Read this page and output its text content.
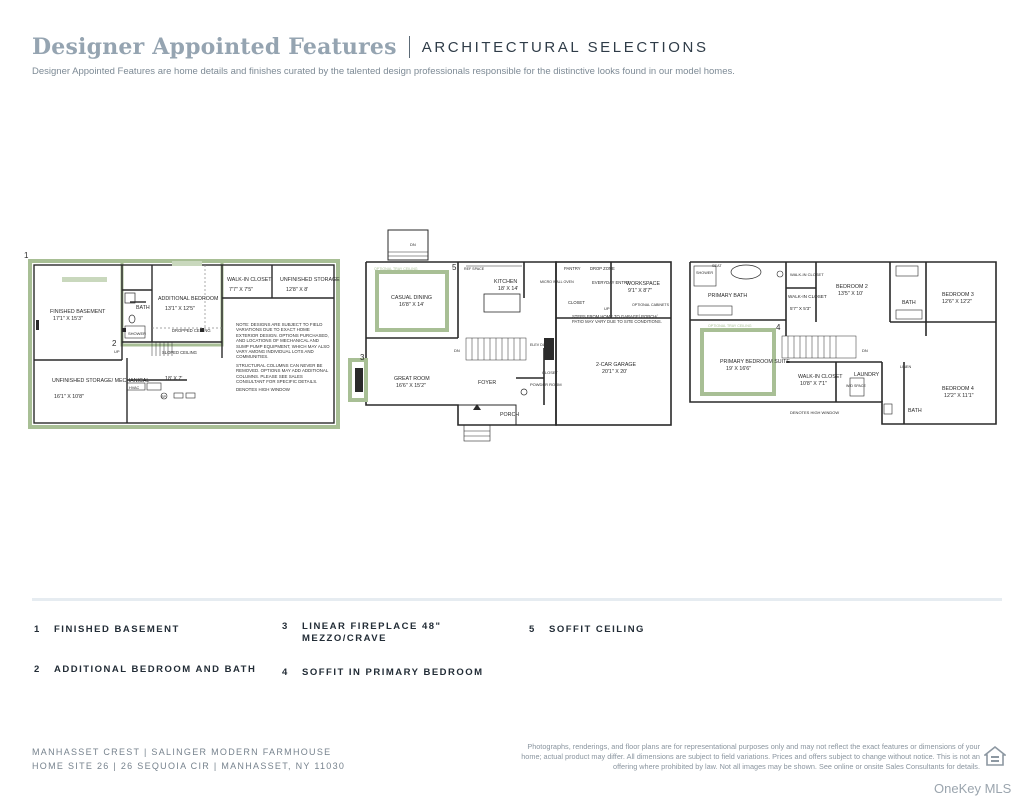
Designer Appointed Features ARCHITECTURAL SELECTIONS
Designer Appointed Features are home details and finishes curated by the talented design professionals responsible for the distinctive looks found in our model homes.
1
2
FINISHED BASEMENT
17'1" X 15'3"
BATH
SHOWER
ADDITIONAL BEDROOM
13'1" X 12'5"
DROPPED CEILING
SLOPED CEILING
WALK-IN CLOSET
7'7" X 7'5"
UNFINISHED STORAGE
12'8" X 8'
UNFINISHED STORAGE/ MECHANICAL
16'1" X 10'8"
HVAC
SP
18' X 7'
UP
NOTE: DESIGNS ARE SUBJECT TO FIELD VARIATIONS DUE TO EXACT HOME EXTERIOR DESIGN. OPTIONS PURCHASED, AND LOCATIONS OF MECHANICAL AND SUMP PUMP EQUIPMENT, WHICH MAY ALSO VARY AMONG INDIVIDUAL LOTS AND COMMUNITIES.
STRUCTURAL COLUMNS CAN NEVER BE REMOVED. OPTIONS MAY ADD ADDITIONAL COLUMNS. PLEASE SEE SALES CONSULTANT FOR SPECIFIC DETAILS.
DENOTES HIGH WINDOW
DN
3
5
OPTIONAL TRAY CEILING
CASUAL DINING
16'8" X 14'
REF SPACE
KITCHEN
18' X 14'
MICRO WALL OVEN
PANTRY DROP ZONE
EVERYDAY ENTRY
WORKSPACE
9'1" X 8'7"
OPTIONAL CABINETS
CLOSET
UP
STEPS FROM HOME TO GARAGE/ PORCH/ PATIO MAY VARY DUE TO SITE CONDITIONS.
GREAT ROOM
16'6" X 15'2"	FOYER
2-CAR GARAGE
20'1" X 20'
POWDER ROOM
CLOSET
PORCH
ELEV DUCT
DN
4
SEAT
SHOWER
PRIMARY BATH
WALK-IN CLOSET
WALK-IN CLOSET
5'7" X 5'3"
BEDROOM 2
13'5" X 10'
BATH
BEDROOM 3
12'6" X 12'2"
OPTIONAL TRAY CEILING
PRIMARY BEDROOM SUITE
19' X 16'6"
DN
WALK-IN CLOSET
10'8" X 7'1"
LAUNDRY
W/D SPACE
LINEN
BEDROOM 4
12'2" X 11'1"
BATH
DENOTES HIGH WINDOW
1	FINISHED BASEMENT
2	ADDITIONAL BEDROOM AND BATH
3	LINEAR FIREPLACE 48"
MEZZO/CRAVE
4	SOFFIT IN PRIMARY BEDROOM
5	SOFFIT CEILING
MANHASSET CREST | SALINGER MODERN FARMHOUSE
HOME SITE 26 | 26 SEQUOIA CIR | MANHASSET, NY 11030
Photographs, renderings, and floor plans are for representational purposes only and may not reflect the exact features or dimensions of your home; actual product may differ. All dimensions are subject to field variations. Prices and offers subject to change without notice. This is not an offering where prohibited by law. Not all images may be shown. See online or onsite Sales Consultants for details.
OneKey MLS
